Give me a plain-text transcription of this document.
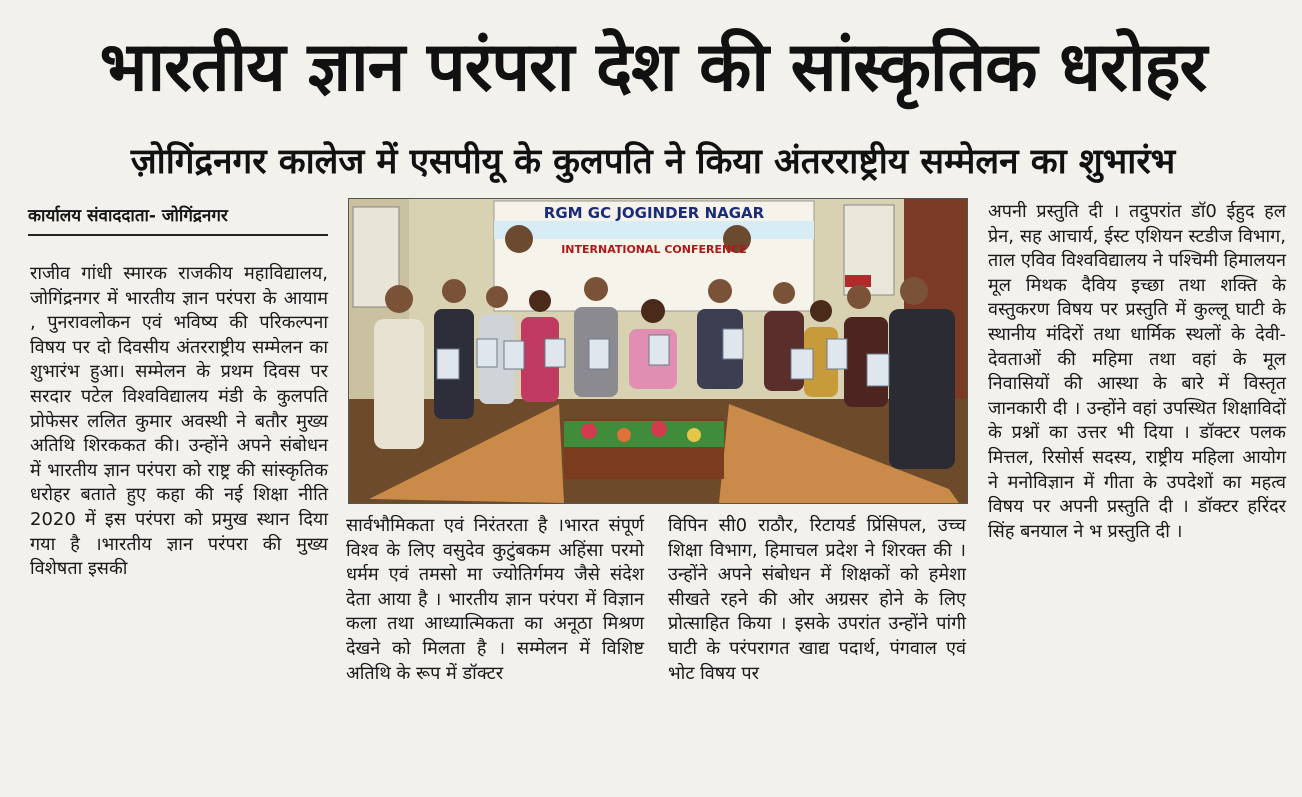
भारतीय ज्ञान परंपरा देश की सांस्कृतिक धरोहर
ज़ोगिंद्रनगर कालेज में एसपीयू के कुलपति ने किया अंतरराष्ट्रीय सम्मेलन का शुभारंभ
कार्यालय संवाददाता- जोगिंद्रनगर

राजीव गांधी स्मारक राजकीय महाविद्यालय, जोगिंद्रनगर में भारतीय ज्ञान परंपरा के आयाम , पुनरावलोकन एवं भविष्य की परिकल्पना विषय पर दो दिवसीय अंतरराष्ट्रीय सम्मेलन का शुभारंभ हुआ। सम्मेलन के प्रथम दिवस पर सरदार पटेल विश्वविद्यालय मंडी के कुलपति प्रोफेसर ललित कुमार अवस्थी ने बतौर मुख्य अतिथि शिरककत की। उन्होंने अपने संबोधन में भारतीय ज्ञान परंपरा को राष्ट्र की सांस्कृतिक धरोहर बताते हुए कहा की नई शिक्षा नीति 2020 में इस परंपरा को प्रमुख स्थान दिया गया है ।भारतीय ज्ञान परंपरा की मुख्य विशेषता इसकी

RGM GC JOGINDER NAGAR
INTERNATIONAL CONFERENCE

सार्वभौमिकता एवं निरंतरता है ।भारत संपूर्ण विश्व के लिए वसुदेव कुटुंबकम अहिंसा परमो धर्मम एवं तमसो मा ज्योतिर्गमय जैसे संदेश देता आया है । भारतीय ज्ञान परंपरा में विज्ञान कला तथा आध्यात्मिकता का अनूठा मिश्रण देखने को मिलता है । सम्मेलन में विशिष्ट अतिथि के रूप में डॉक्टर

विपिन सी0 राठौर, रिटायर्ड प्रिंसिपल, उच्च शिक्षा विभाग, हिमाचल प्रदेश ने शिरक्त की । उन्होंने अपने संबोधन में शिक्षकों को हमेशा सीखते रहने की ओर अग्रसर होने के लिए प्रोत्साहित किया । इसके उपरांत उन्होंने पांगी घाटी के परंपरागत खाद्य पदार्थ, पंगवाल एवं भोट विषय पर

अपनी प्रस्तुति दी । तदुपरांत डॉ0 ईहुद हल प्रेन, सह आचार्य, ईस्ट एशियन स्टडीज विभाग, ताल एविव विश्वविद्यालय ने पश्चिमी हिमालयन मूल मिथक दैविय इच्छा तथा शक्ति के वस्तुकरण विषय पर प्रस्तुति में कुल्लू घाटी के स्थानीय मंदिरों तथा धार्मिक स्थलों के देवी- देवताओं की महिमा तथा वहां के मूल निवासियों की आस्था के बारे में विस्तृत जानकारी दी । उन्होंने वहां उपस्थित शिक्षाविदों के प्रश्नों का उत्तर भी दिया । डॉक्टर पलक मित्तल, रिसोर्स सदस्य, राष्ट्रीय महिला आयोग ने मनोविज्ञान में गीता के उपदेशों का महत्व विषय पर अपनी प्रस्तुति दी । डॉक्टर हरिंदर सिंह बनयाल ने भ प्रस्तुति दी ।
